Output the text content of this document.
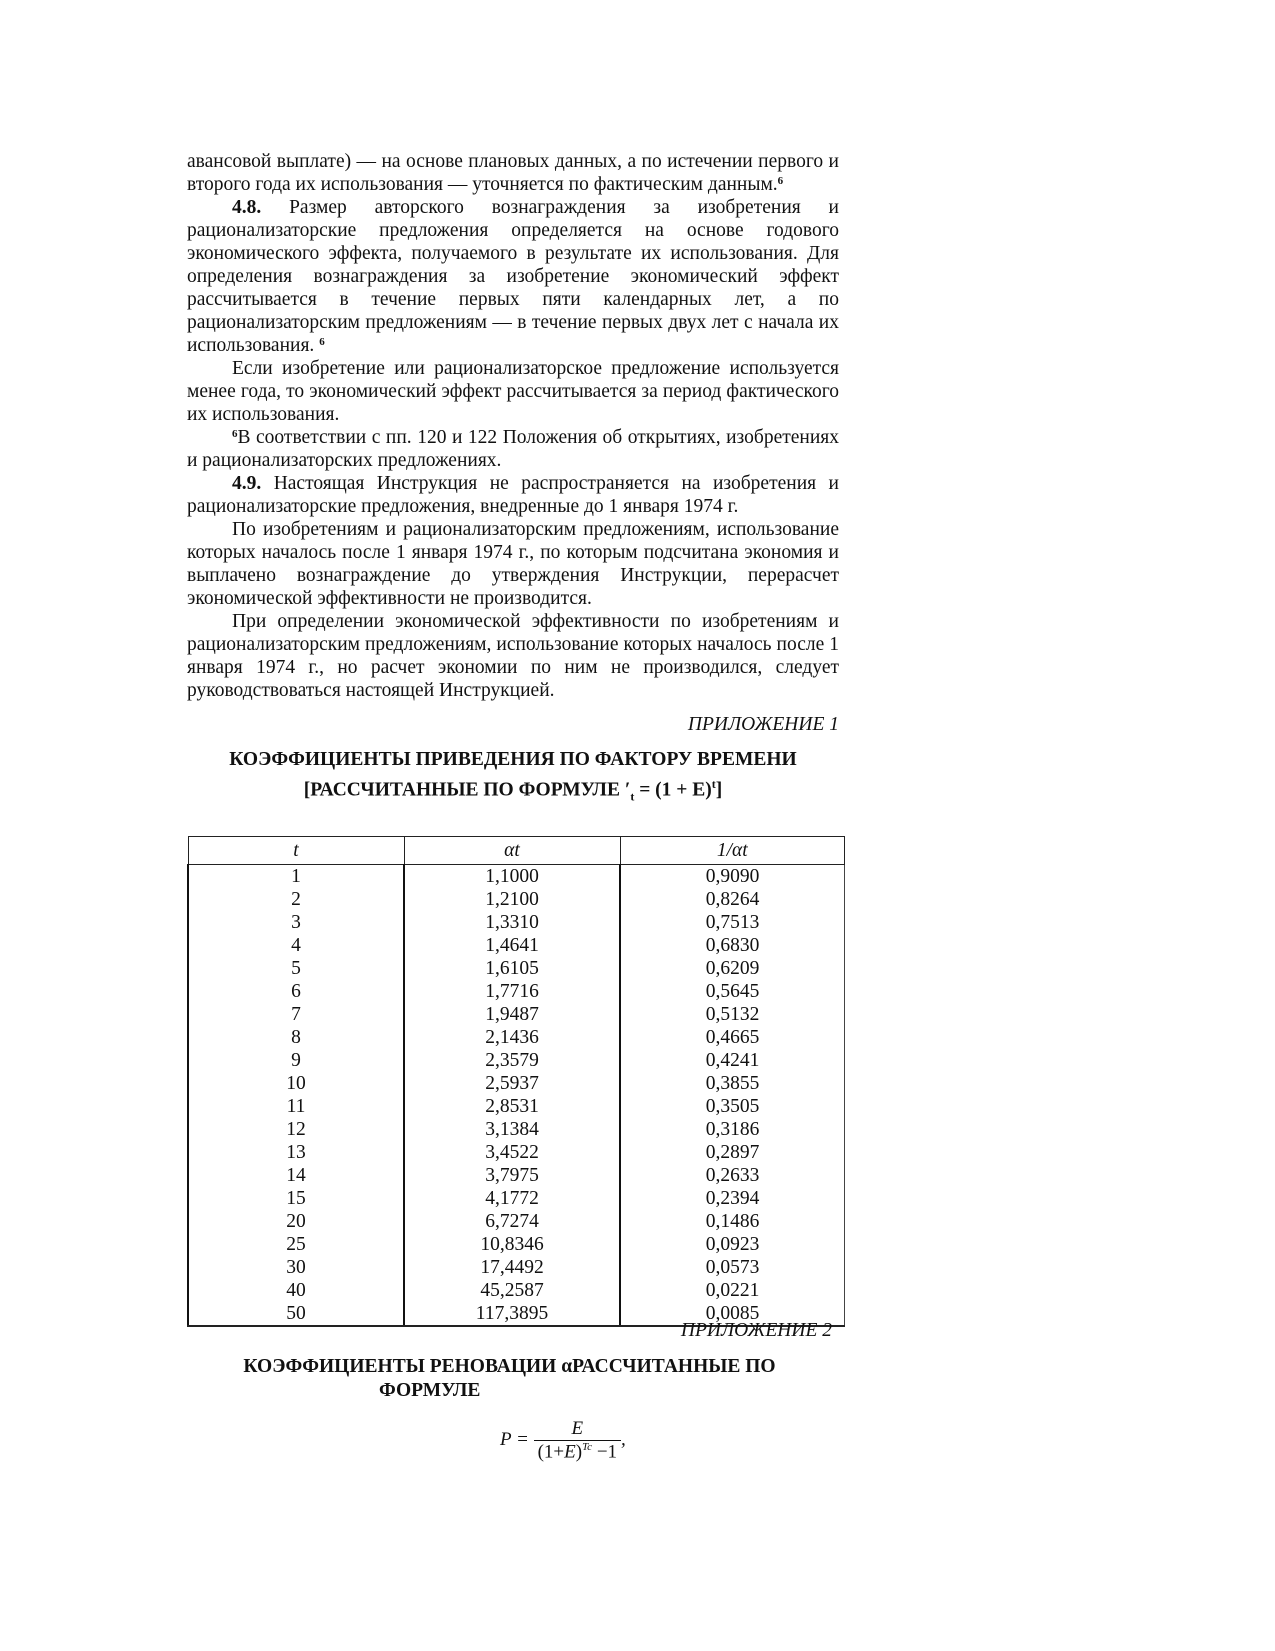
авансовой выплате) — на основе плановых данных, а по истечении первого и второго года их использования — уточняется по фактическим данным.$^6$

4.8. Размер авторского вознаграждения за изобретения и рационализаторские предложения определяется на основе годового экономического эффекта, получаемого в результате их использования. Для определения вознаграждения за изобретение экономический эффект рассчитывается в течение первых пяти календарных лет, а по рационализаторским предложениям — в течение первых двух лет с начала их использования. $^6$

Если изобретение или рационализаторское предложение используется менее года, то экономический эффект рассчитывается за период фактического их использования.

$^6$В соответствии с пп. 120 и 122 Положения об открытиях, изобретениях и рационализаторских предложениях.

4.9. Настоящая Инструкция не распространяется на изобретения и рационализаторские предложения, внедренные до 1 января 1974 г.

По изобретениям и рационализаторским предложениям, использование которых началось после 1 января 1974 г., по которым подсчитана экономия и выплачено вознаграждение до утверждения Инструкции, перерасчет экономической эффективности не производится.

При определении экономической эффективности по изобретениям и рационализаторским предложениям, использование которых началось после 1 января 1974 г., но расчет экономии по ним не производился, следует руководствоваться настоящей Инструкцией.

ПРИЛОЖЕНИЕ 1

КОЭФФИЦИЕНТЫ ПРИВЕДЕНИЯ ПО ФАКТОРУ ВРЕМЕНИ

[РАССЧИТАННЫЕ ПО ФОРМУЛЕ $'_t = (1 + E)^t$]

t	αt	1/αt
1	1,1000	0,9090
2	1,2100	0,8264
3	1,3310	0,7513
4	1,4641	0,6830
5	1,6105	0,6209
6	1,7716	0,5645
7	1,9487	0,5132
8	2,1436	0,4665
9	2,3579	0,4241
10	2,5937	0,3855
11	2,8531	0,3505
12	3,1384	0,3186
13	3,4522	0,2897
14	3,7975	0,2633
15	4,1772	0,2394
20	6,7274	0,1486
25	10,8346	0,0923
30	17,4492	0,0573
40	45,2587	0,0221
50	117,3895	0,0085

ПРИЛОЖЕНИЕ 2

КОЭФФИЦИЕНТЫ РЕНОВАЦИИ αРАССЧИТАННЫЕ ПО

ФОРМУЛЕ

$P = \frac{E}{(1+E)^{Tc} -1}$ ,
